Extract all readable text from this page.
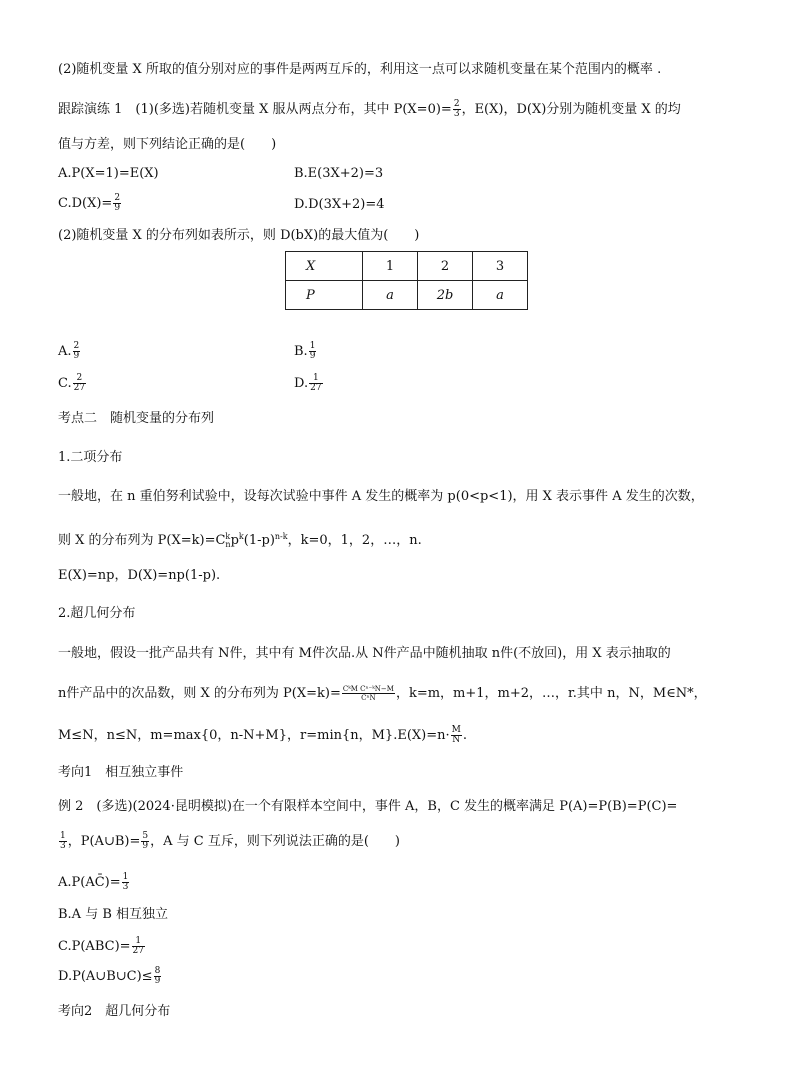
(2)随机变量 X 所取的值分别对应的事件是两两互斥的，利用这一点可以求随机变量在某个范围内的概率 .
跟踪演练 1　(1)(多选)若随机变量 X 服从两点分布，其中 $P(X=0)= \frac{2}{3}$ ，E(X)，D(X)分别为随机变量 X 的均
值与方差，则下列结论正确的是(　　)
A.P(X=1)=E(X)	B.E(3X+2)=3
$C.D(X)= \frac{2}{9}$	D.D(3X+2)=4
(2)随机变量 X 的分布列如表所示，则 D(bX)的最大值为(　　)
X	1	2	3
P	a	2b	a
A. $\frac{2}{9}$	B. $\frac{1}{9}$
C. $\frac{2}{27}$	D. $\frac{1}{27}$
考点二　随机变量的分布列
1.二项分布
一般地，在 n 重伯努利试验中，设每次试验中事件 A 发生的概率为 p(0<p<1)，用 X 表示事件 A 发生的次数，
则 X 的分布列为 P(X=k)=C k
n $p^k(1-p)^{n-k}$，k=0，1，2，…，n.
E(X)=np，D(X)=np(1-p).
2.超几何分布
一般地，假设一批产品共有 N件，其中有 M件次品.从 N件产品中随机抽取 n件(不放回)，用 X 表示抽取的
n件产品中的次品数，则 X 的分布列为 $P(X=k)= \frac{\text{CᵏM Cⁿ⁻ᵏN−M}}{\text{CⁿN}}$ ，k=m，m+1，m+2，…，r.其中 n，N，M∈N*，
M≤N，n≤N，m=max{0，n-N+M}，r=min{n，$M\}.E(X)=n\cdot \frac{M}{N}$ .
考向1　相互独立事件
例 2　(多选)(2024·昆明模拟)在一个有限样本空间中，事件 A，B，C 发生的概率满足 P(A)=P(B)=P(C)=
$\frac{1}{3}$ ，P(A∪B)= $\frac{5}{9}$ ，A 与 C 互斥，则下列说法正确的是(　　)
A.P(AC̄)= $\frac{1}{3}$
B.A 与 B 相互独立
$C.P(ABC)= \frac{1}{27}$
D.P(A∪B∪C)≤ $\frac{8}{9}$
考向2　超几何分布
